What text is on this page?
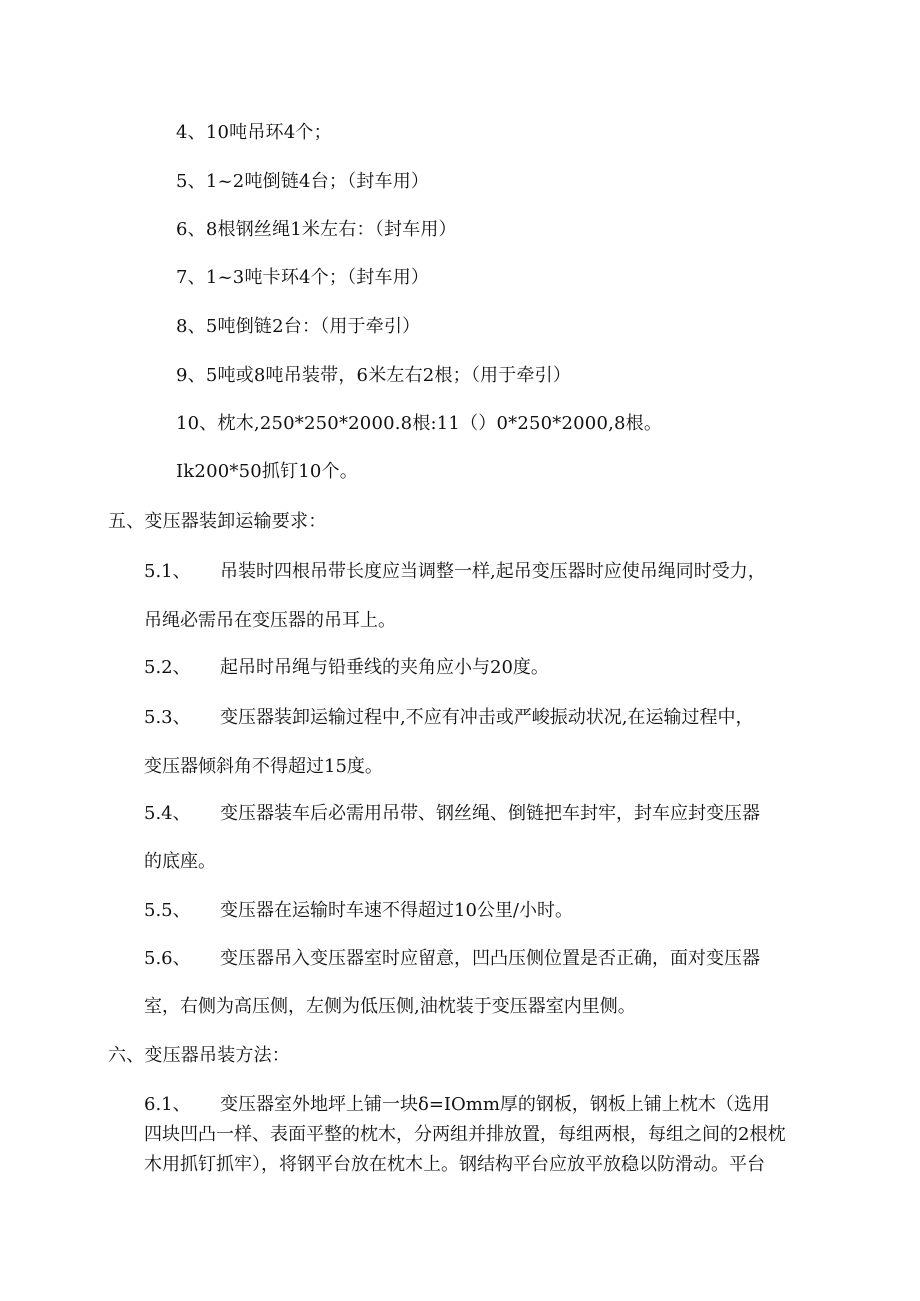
4、10吨吊环4个；
5、1~2吨倒链4台；（封车用）
6、8根钢丝绳1米左右：（封车用）
7、1~3吨卡环4个；（封车用）
8、5吨倒链2台：（用于牵引）
9、5吨或8吨吊装带，6米左右2根；（用于牵引）
10、枕木,250*250*2000.8根:11（）0*250*2000,8根。
Ik200*50抓钉10个。
五、变压器装卸运输要求：
5.1、 吊装时四根吊带长度应当调整一样,起吊变压器时应使吊绳同时受力，
吊绳必需吊在变压器的吊耳上。
5.2、 起吊时吊绳与铅垂线的夹角应小与20度。
5.3、 变压器装卸运输过程中,不应有冲击或严峻振动状况,在运输过程中，
变压器倾斜角不得超过15度。
5.4、 变压器装车后必需用吊带、钢丝绳、倒链把车封牢，封车应封变压器
的底座。
5.5、 变压器在运输时车速不得超过10公里/小时。
5.6、 变压器吊入变压器室时应留意，凹凸压侧位置是否正确，面对变压器
室，右侧为高压侧，左侧为低压侧,油枕装于变压器室内里侧。
六、变压器吊装方法：
6.1、 变压器室外地坪上铺一块δ=IOmm厚的钢板，钢板上铺上枕木（选用
四块凹凸一样、表面平整的枕木，分两组并排放置，每组两根，每组之间的2根枕
木用抓钉抓牢），将钢平台放在枕木上。钢结构平台应放平放稳以防滑动。平台
